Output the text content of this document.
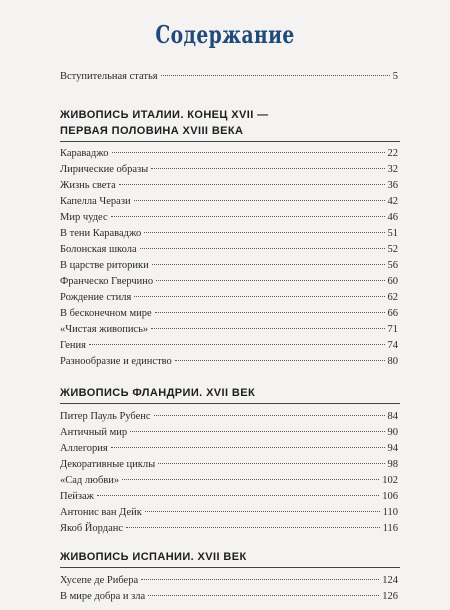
Содержание
Вступительная статья	5
ЖИВОПИСЬ ИТАЛИИ. КОНЕЦ XVII —
ПЕРВАЯ ПОЛОВИНА XVIII ВЕКА
Караваджо	22
Лирические образы	32
Жизнь света	36
Капелла Черази	42
Мир чудес	46
В тени Караваджо	51
Болонская школа	52
В царстве риторики	56
Франческо Гверчино	60
Рождение стиля	62
В бесконечном мире	66
«Чистая живопись»	71
Гения	74
Разнообразие и единство	80
ЖИВОПИСЬ ФЛАНДРИИ. XVII ВЕК
Питер Пауль Рубенс	84
Античный мир	90
Аллегория	94
Декоративные циклы	98
«Сад любви»	102
Пейзаж	106
Антонис ван Дейк	110
Якоб Йорданс	116
ЖИВОПИСЬ ИСПАНИИ. XVII ВЕК
Хусепе де Рибера	124
В мире добра и зла	126
